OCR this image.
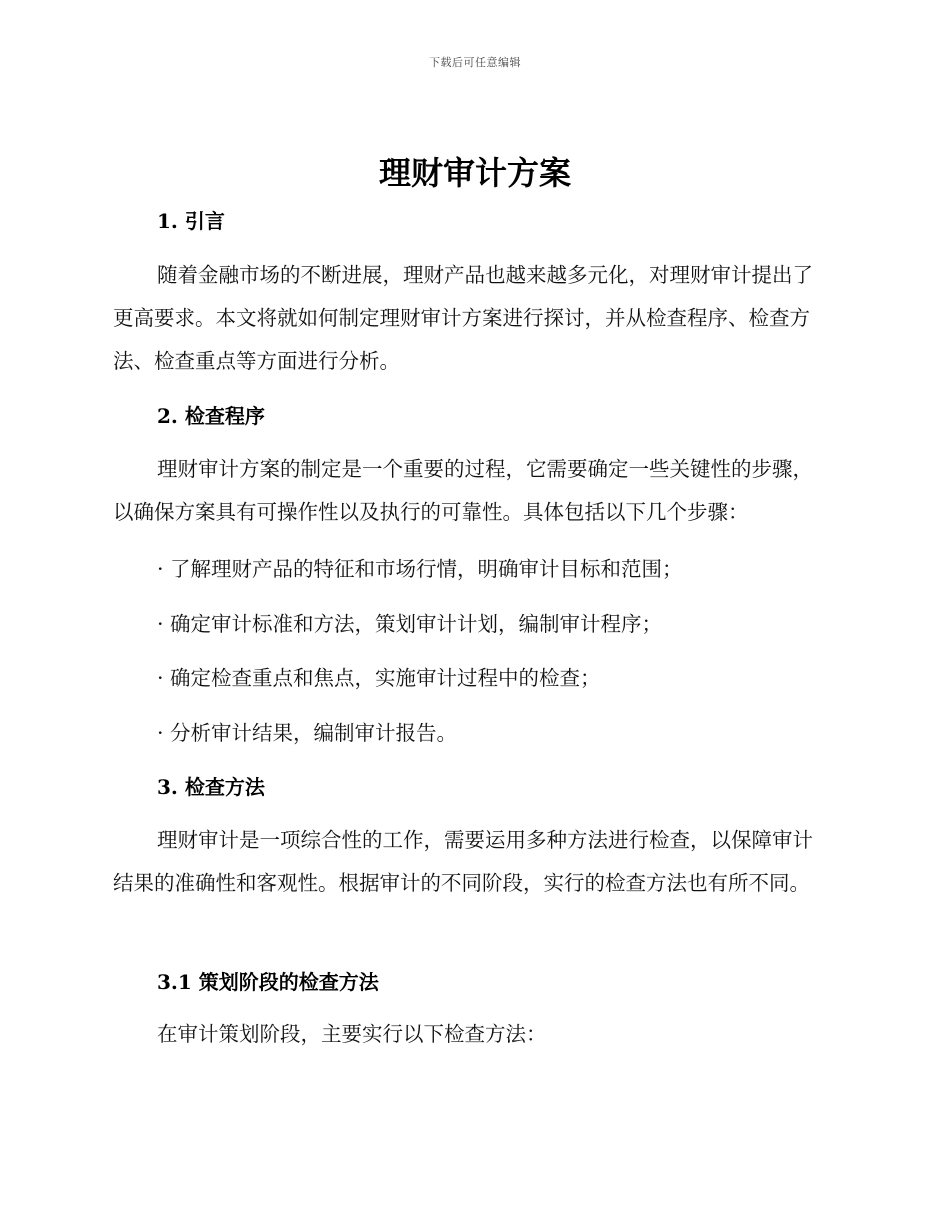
下载后可任意编辑
理财审计方案
1. 引言

随着金融市场的不断进展，理财产品也越来越多元化，对理财审计提出了更高要求。本文将就如何制定理财审计方案进行探讨，并从检查程序、检查方法、检查重点等方面进行分析。

2. 检查程序

理财审计方案的制定是一个重要的过程，它需要确定一些关键性的步骤，以确保方案具有可操作性以及执行的可靠性。具体包括以下几个步骤：

· 了解理财产品的特征和市场行情，明确审计目标和范围；

· 确定审计标准和方法，策划审计计划，编制审计程序；

· 确定检查重点和焦点，实施审计过程中的检查；

· 分析审计结果，编制审计报告。

3. 检查方法

理财审计是一项综合性的工作，需要运用多种方法进行检查，以保障审计结果的准确性和客观性。根据审计的不同阶段，实行的检查方法也有所不同。

3.1 策划阶段的检查方法

在审计策划阶段，主要实行以下检查方法：
